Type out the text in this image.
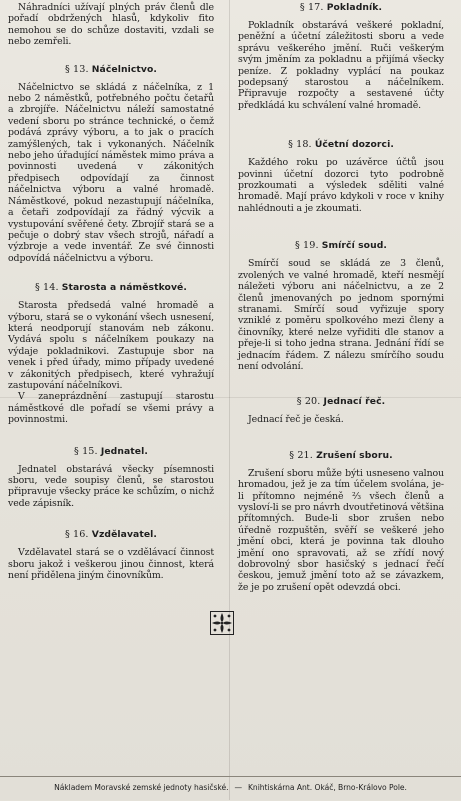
Náhradníci užívají plných práv členů dle pořadí obdržených hlasů, kdykoliv fito nemohou se do schůze dostaviti, vzdali se nebo zemřeli.

§ 13. Náčelnictvo.

Náčelnictvo se skládá z náčelníka, z 1 nebo 2 náměstků, potřebného počtu četařů a zbrojíře. Náčelnictvu náleží samostatné vedení sboru po stránce technické, o čemž podává zprávy výboru, a to jak o pracích zamýšlených, tak i vykonaných. Náčelník nebo jeho úřadující náměstek mimo práva a povinnosti uvedená v zákonitých předpisech odpovídají za činnost náčelnictva výboru a valné hromadě. Náměstkové, pokud nezastupují náčelníka, a četaři zodpovídají za řádný výcvik a vystupování svěřené čety. Zbrojíř stará se a pečuje o dobrý stav všech strojů, nářadí a výzbroje a vede inventář. Ze své činnosti odpovídá náčelnictvu a výboru.

§ 14. Starosta a náměstkové.

Starosta předsedá valné hromadě a výboru, stará se o vykonání všech usnesení, která neodporují stanovám neb zákonu. Vydává spolu s náčelníkem poukazy na výdaje pokladnikovi. Zastupuje sbor na venek i před úřady, mimo případy uvedené v zákonitých předpisech, které vyhražují zastupování náčelníkovi.

V zaneprázdnění zastupují starostu náměstkové dle pořadí se všemi právy a povinnostmi.

§ 15. Jednatel.

Jednatel obstarává všecky písemnosti sboru, vede soupisy členů, se starostou připravuje všecky práce ke schůzím, o nichž vede zápisník.

§ 16. Vzdělavatel.

Vzdělavatel stará se o vzdělávací činnost sboru jakož i veškerou jinou činnost, která není přidělena jiným činovníkům.

§ 17. Pokladník.

Pokladník obstarává veškeré pokladní, peněžní a účetní záležitosti sboru a vede správu veškerého jmění. Ruči veškerým svým jměním za pokladnu a přijímá všecky peníze. Z pokladny vyplácí na poukaz podepsaný starostou a náčelníkem. Připravuje rozpočty a sestavené účty předkládá ku schválení valné hromadě.

§ 18. Účetní dozorci.

Každého roku po uzávěrce účtů jsou povinni účetní dozorci tyto podrobně prozkoumati a výsledek sděliti valné hromadě. Mají právo kdykoli v roce v knihy nahlédnouti a je zkoumati.

§ 19. Smírčí soud.

Smírčí soud se skládá ze 3 členů, zvolených ve valné hromadě, kteří nesmějí náležeti výboru ani náčelnictvu, a ze 2 členů jmenovaných po jednom spornými stranami. Smírčí soud vyřizuje spory vzniklé z poměru spolkového mezi členy a činovníky, které nelze vyřiditi dle stanov a přeje-li si toho jedna strana. Jednání řídí se jednacím řádem. Z nálezu smírčího soudu není odvolání.

§ 20. Jednací řeč.

Jednací řeč je česká.

§ 21. Zrušení sboru.

Zrušení sboru může býti usneseno valnou hromadou, jež je za tím účelem svolána, je-li přítomno nejméně ⅔ všech členů a vysloví-li se pro návrh dvoutřetinová většina přítomných. Bude-li sbor zrušen nebo úředně rozpuštěn, svěří se veškeré jeho jmění obci, která je povinna tak dlouho jmění ono spravovati, až se zřídí nový dobrovolný sbor hasičský s jednací řečí českou, jemuž jmění toto až se závazkem, že je po zrušení opět odevzdá obci.

Nákladem Moravské zemské jednoty hasičské. — Knihtiskárna Ant. Okáč, Brno-Královo Pole.
